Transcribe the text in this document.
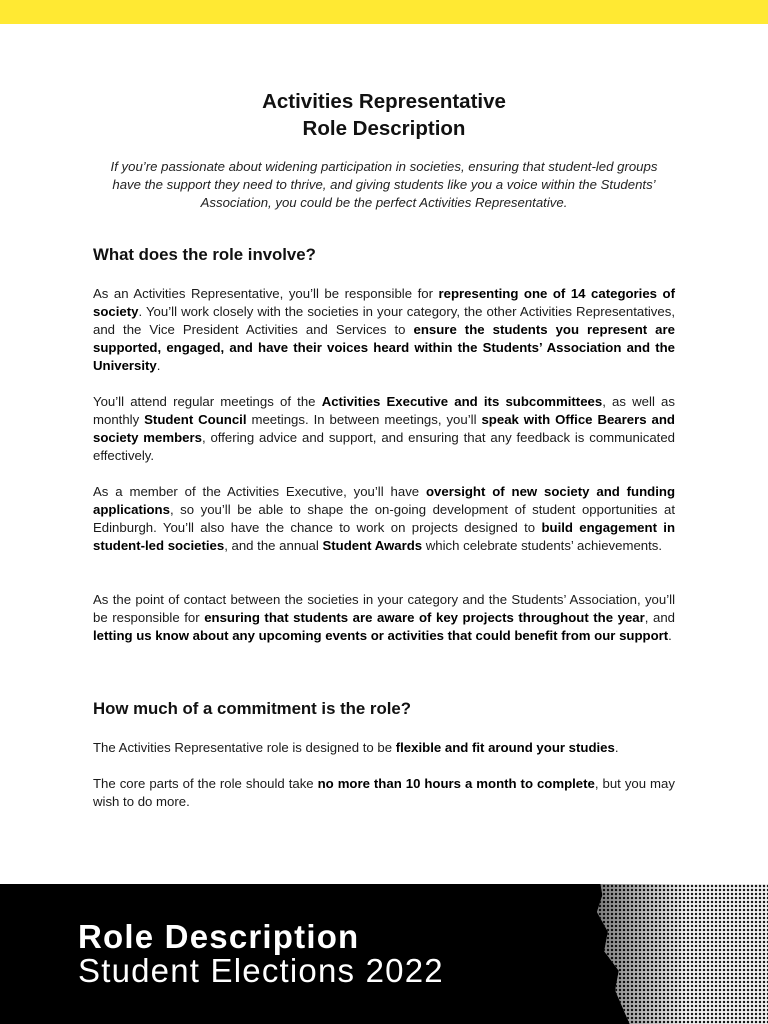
Activities Representative
Role Description
If you’re passionate about widening participation in societies, ensuring that student-led groups have the support they need to thrive, and giving students like you a voice within the Students’ Association, you could be the perfect Activities Representative.
What does the role involve?
As an Activities Representative, you’ll be responsible for representing one of 14 categories of society. You’ll work closely with the societies in your category, the other Activities Representatives, and the Vice President Activities and Services to ensure the students you represent are supported, engaged, and have their voices heard within the Students’ Association and the University.
You’ll attend regular meetings of the Activities Executive and its subcommittees, as well as monthly Student Council meetings. In between meetings, you’ll speak with Office Bearers and society members, offering advice and support, and ensuring that any feedback is communicated effectively.
As a member of the Activities Executive, you’ll have oversight of new society and funding applications, so you’ll be able to shape the on-going development of student opportunities at Edinburgh. You’ll also have the chance to work on projects designed to build engagement in student-led societies, and the annual Student Awards which celebrate students’ achievements.
As the point of contact between the societies in your category and the Students’ Association, you’ll be responsible for ensuring that students are aware of key projects throughout the year, and letting us know about any upcoming events or activities that could benefit from our support.
How much of a commitment is the role?
The Activities Representative role is designed to be flexible and fit around your studies.
The core parts of the role should take no more than 10 hours a month to complete, but you may wish to do more.
Role Description
Student Elections 2022
